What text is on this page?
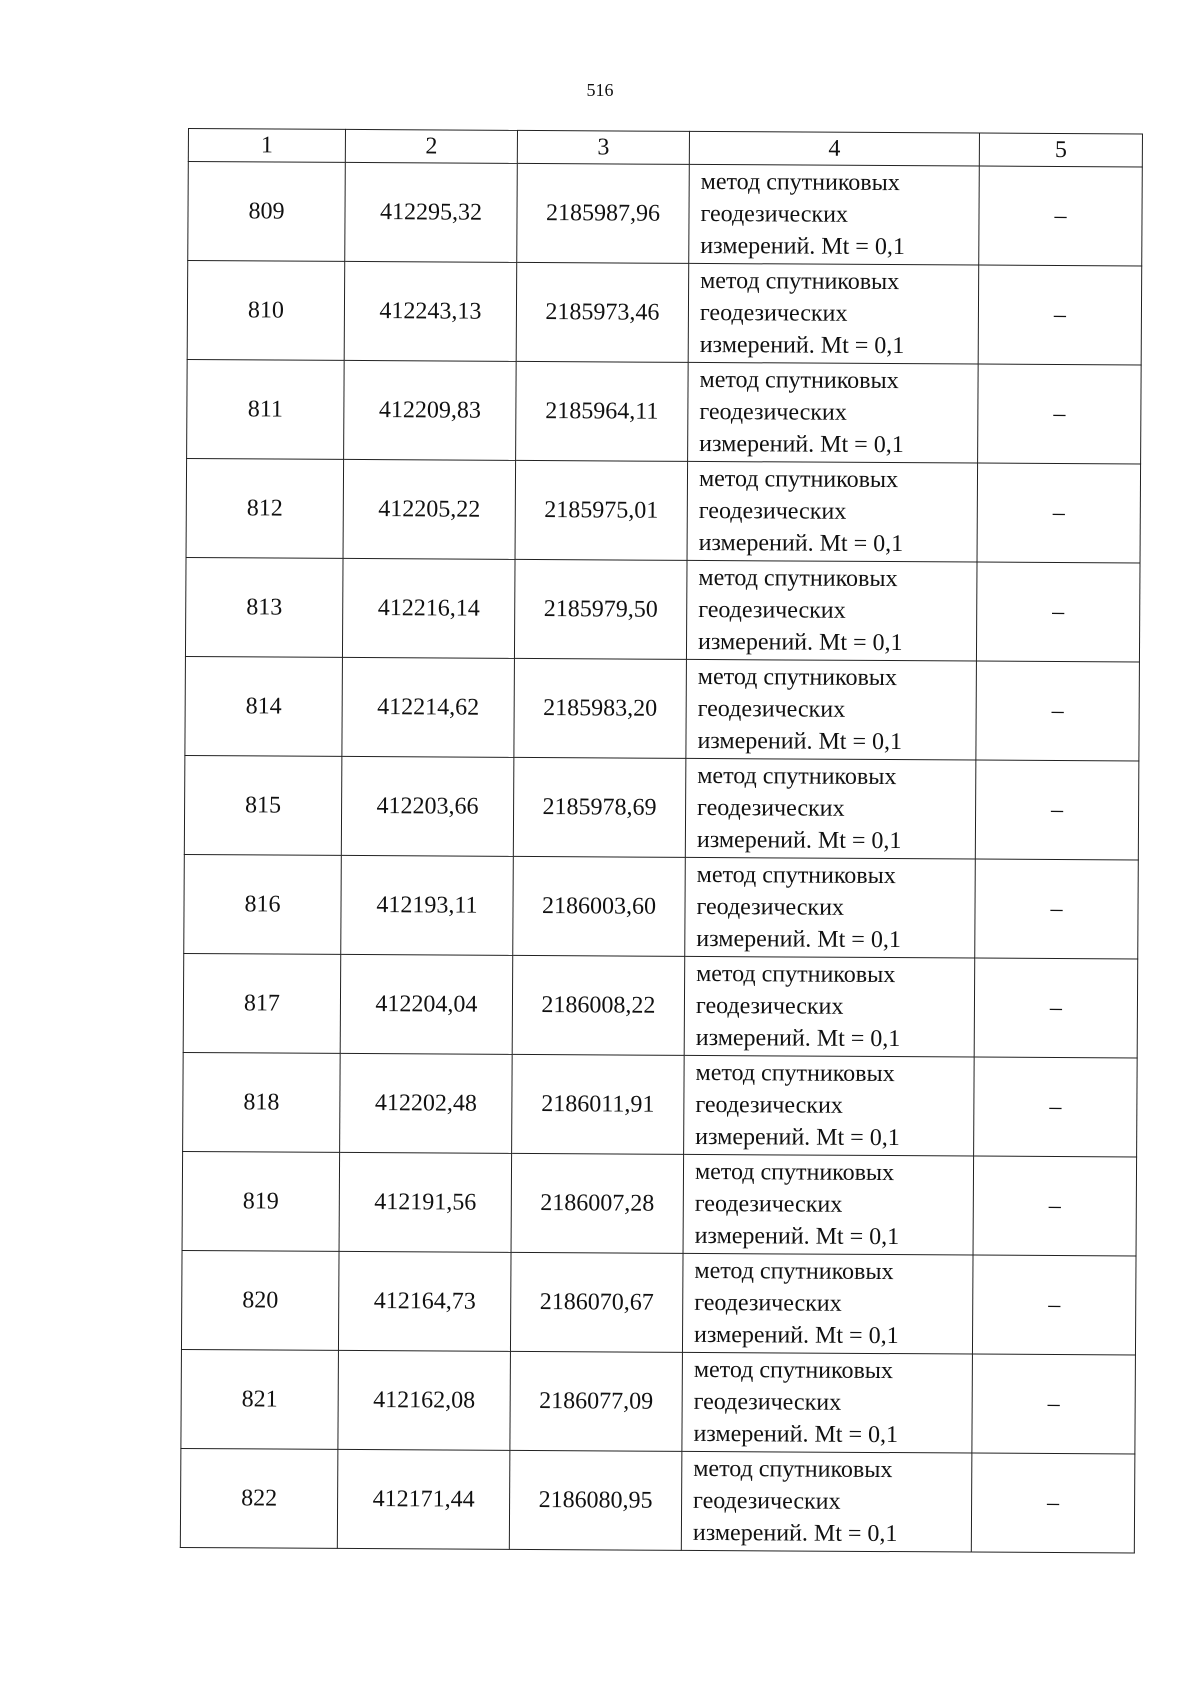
516
1	2	3	4	5
809	412295,32	2185987,96	метод спутниковых
геодезических
измерений. Mt = 0,1	–
810	412243,13	2185973,46	метод спутниковых
геодезических
измерений. Mt = 0,1	–
811	412209,83	2185964,11	метод спутниковых
геодезических
измерений. Mt = 0,1	–
812	412205,22	2185975,01	метод спутниковых
геодезических
измерений. Mt = 0,1	–
813	412216,14	2185979,50	метод спутниковых
геодезических
измерений. Mt = 0,1	–
814	412214,62	2185983,20	метод спутниковых
геодезических
измерений. Mt = 0,1	–
815	412203,66	2185978,69	метод спутниковых
геодезических
измерений. Mt = 0,1	–
816	412193,11	2186003,60	метод спутниковых
геодезических
измерений. Mt = 0,1	–
817	412204,04	2186008,22	метод спутниковых
геодезических
измерений. Mt = 0,1	–
818	412202,48	2186011,91	метод спутниковых
геодезических
измерений. Mt = 0,1	–
819	412191,56	2186007,28	метод спутниковых
геодезических
измерений. Mt = 0,1	–
820	412164,73	2186070,67	метод спутниковых
геодезических
измерений. Mt = 0,1	–
821	412162,08	2186077,09	метод спутниковых
геодезических
измерений. Mt = 0,1	–
822	412171,44	2186080,95	метод спутниковых
геодезических
измерений. Mt = 0,1	–
